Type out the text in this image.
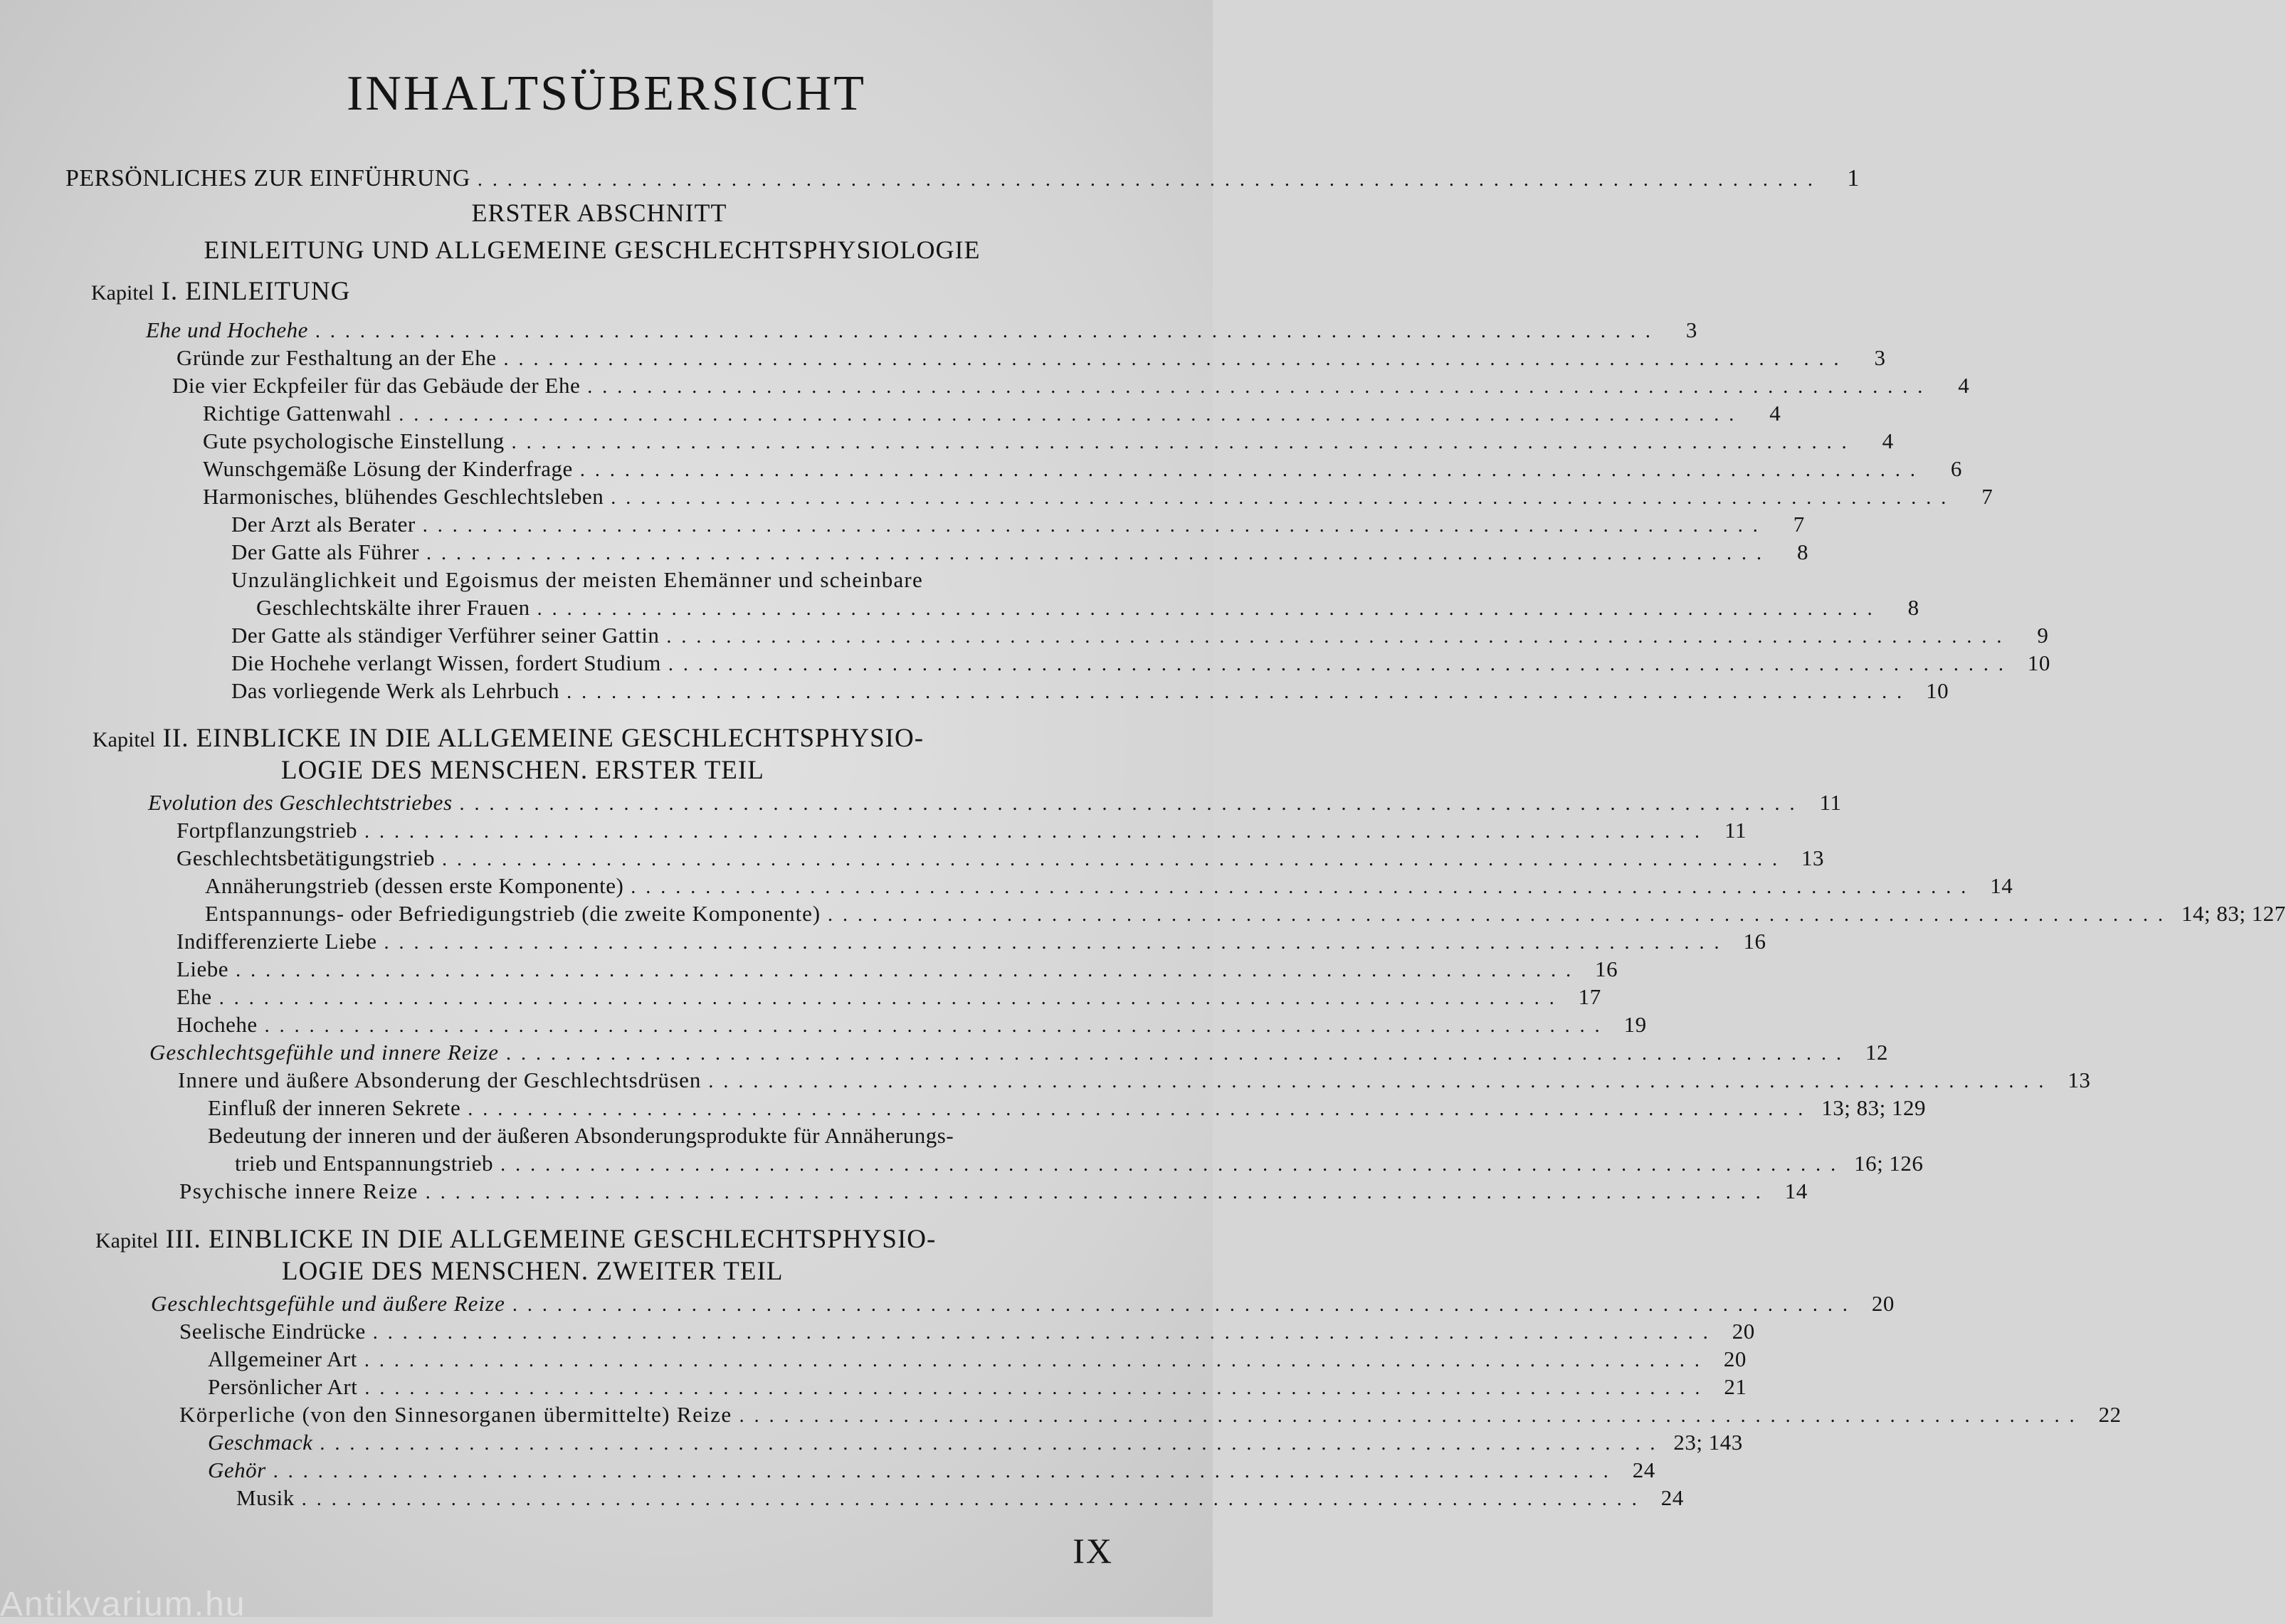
INHALTSÜBERSICHT
PERSÖNLICHES ZUR EINFÜHRUNG ..........................................................................................	1
ERSTER ABSCHNITT
EINLEITUNG UND ALLGEMEINE GESCHLECHTSPHYSIOLOGIE
Kapitel I. EINLEITUNG
Ehe und Hochehe ..........................................................................................	3
Gründe zur Festhaltung an der Ehe ..........................................................................................	3
Die vier Eckpfeiler für das Gebäude der Ehe ..........................................................................................	4
Richtige Gattenwahl ..........................................................................................	4
Gute psychologische Einstellung ..........................................................................................	4
Wunschgemäße Lösung der Kinderfrage ..........................................................................................	6
Harmonisches, blühendes Geschlechtsleben ..........................................................................................	7
Der Arzt als Berater ..........................................................................................	7
Der Gatte als Führer ..........................................................................................	8
Unzulänglichkeit und Egoismus der meisten Ehemänner und scheinbare
Geschlechtskälte ihrer Frauen ..........................................................................................	8
Der Gatte als ständiger Verführer seiner Gattin ..........................................................................................	9
Die Hochehe verlangt Wissen, fordert Studium .......................................................................................... 10
Das vorliegende Werk als Lehrbuch .......................................................................................... 10
Kapitel II. EINBLICKE IN DIE ALLGEMEINE GESCHLECHTSPHYSIO-
LOGIE DES MENSCHEN. ERSTER TEIL
Evolution des Geschlechtstriebes .......................................................................................... 11
Fortpflanzungstrieb .......................................................................................... 11
Geschlechtsbetätigungstrieb .......................................................................................... 13
Annäherungstrieb (dessen erste Komponente) .......................................................................................... 14
Entspannungs- oder Befriedigungstrieb (die zweite Komponente) .......................................................................................... 14; 83; 127
Indifferenzierte Liebe .......................................................................................... 16
Liebe .......................................................................................... 16
Ehe .......................................................................................... 17
Hochehe .......................................................................................... 19
Geschlechtsgefühle und innere Reize .......................................................................................... 12
Innere und äußere Absonderung der Geschlechtsdrüsen .......................................................................................... 13
Einfluß der inneren Sekrete .......................................................................................... 13; 83; 129
Bedeutung der inneren und der äußeren Absonderungsprodukte für Annäherungs-
trieb und Entspannungstrieb .......................................................................................... 16; 126
Psychische innere Reize .......................................................................................... 14
Kapitel III. EINBLICKE IN DIE ALLGEMEINE GESCHLECHTSPHYSIO-
LOGIE DES MENSCHEN. ZWEITER TEIL
Geschlechtsgefühle und äußere Reize .......................................................................................... 20
Seelische Eindrücke .......................................................................................... 20
Allgemeiner Art .......................................................................................... 20
Persönlicher Art .......................................................................................... 21
Körperliche (von den Sinnesorganen übermittelte) Reize .......................................................................................... 22
Geschmack .......................................................................................... 23; 143
Gehör .......................................................................................... 24
Musik .......................................................................................... 24
IX
Antikvarium.hu
